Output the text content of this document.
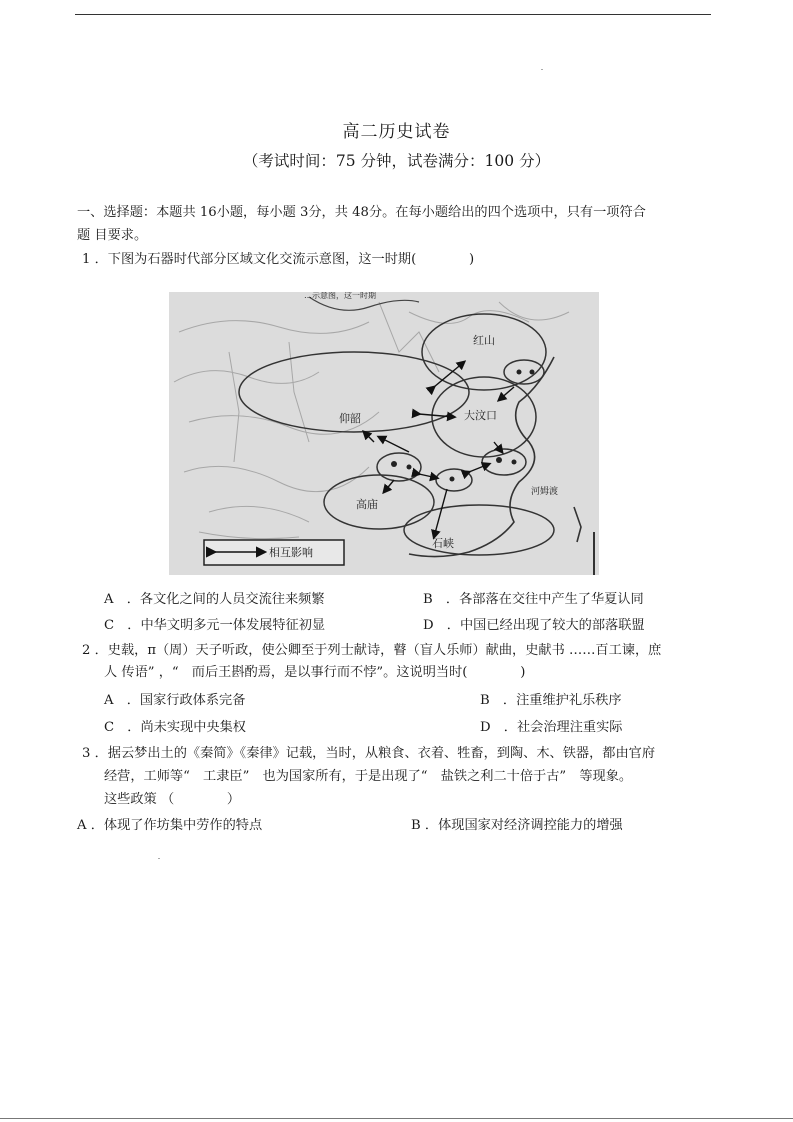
高二历史试卷
（考试时间：75 分钟，试卷满分：100 分）
一、选择题：本题共 16小题，每小题 3分，共 48分。在每小题给出的四个选项中，只有一项符合
题 目要求。
1 ．下图为石器时代部分区域文化交流示意图，这一时期(　　　　)
红山
仰韶	大汶口
高庙
石峡
河姆渡
…示意图，这一时期
相互影响
A　．各文化之间的人员交流往来频繁	B　．各部落在交往中产生了华夏认同
C　．中华文明多元一体发展特征初显	D　．中国已经出现了较大的部落联盟
2 ．史载，π（周）天子听政，使公卿至于列士献诗，瞽（盲人乐师）献曲，史献书 ……百工谏，庶
人 传语” ，“　而后王斟酌焉，是以事行而不悖”。这说明当时(　　　　)
A　．国家行政体系完备	B　．注重维护礼乐秩序
C　．尚未实现中央集权	D　．社会治理注重实际
3 ．据云梦出土的《秦简》《秦律》记载，当时，从粮食、衣着、牲畜，到陶、木、铁器，都由官府
经营，工师等“　工隶臣”　也为国家所有，于是出现了“　盐铁之利二十倍于古”　等现象。
这些政策 （　　　　）
A ．体现了作坊集中劳作的特点	B ．体现国家对经济调控能力的增强
